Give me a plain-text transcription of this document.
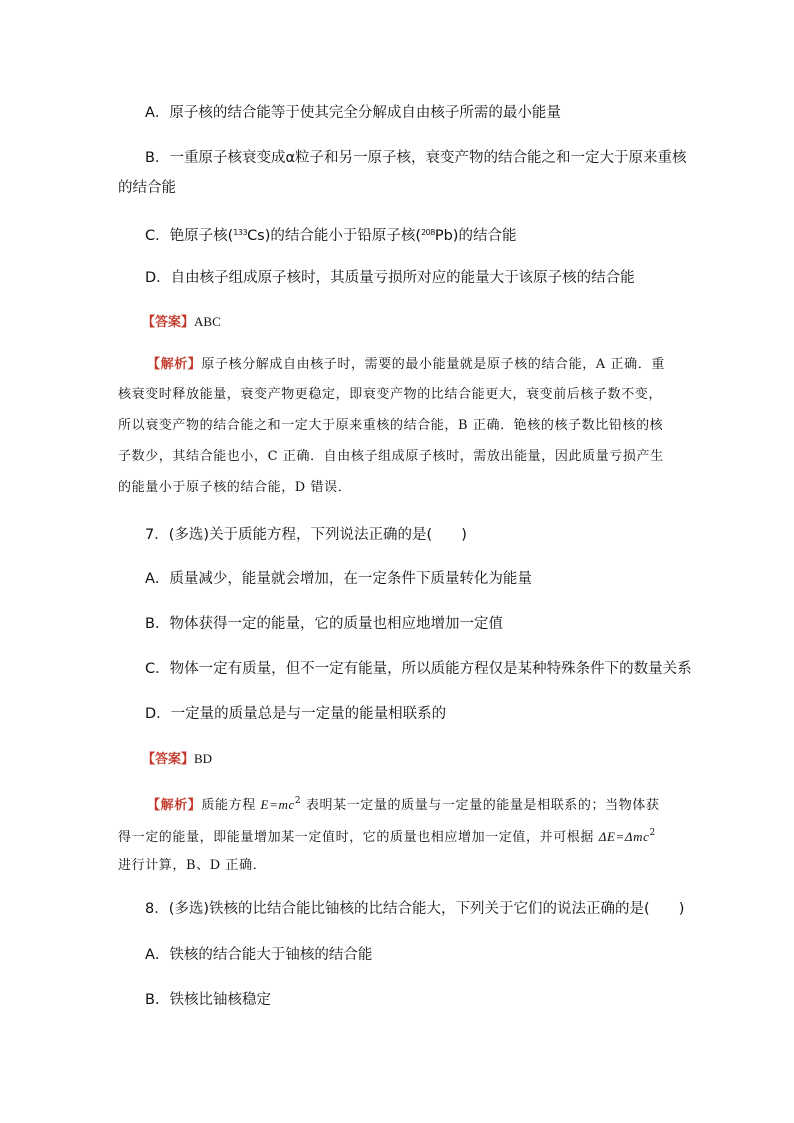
A．原子核的结合能等于使其完全分解成自由核子所需的最小能量
B．一重原子核衰变成α粒子和另一原子核，衰变产物的结合能之和一定大于原来重核
的结合能
C．铯原子核($^{133}$Cs)的结合能小于铅原子核($^{208}$Pb)的结合能
D．自由核子组成原子核时，其质量亏损所对应的能量大于该原子核的结合能
【答案】ABC
【解析】原子核分解成自由核子时，需要的最小能量就是原子核的结合能，A 正确．重
核衰变时释放能量，衰变产物更稳定，即衰变产物的比结合能更大，衰变前后核子数不变，
所以衰变产物的结合能之和一定大于原来重核的结合能，B 正确．铯核的核子数比铅核的核
子数少，其结合能也小，C 正确．自由核子组成原子核时，需放出能量，因此质量亏损产生
的能量小于原子核的结合能，D 错误．
7．(多选)关于质能方程，下列说法正确的是(　　)
A．质量减少，能量就会增加，在一定条件下质量转化为能量
B．物体获得一定的能量，它的质量也相应地增加一定值
C．物体一定有质量，但不一定有能量，所以质能方程仅是某种特殊条件下的数量关系
D．一定量的质量总是与一定量的能量相联系的
【答案】BD
【解析】质能方程 $E=mc^2$ 表明某一定量的质量与一定量的能量是相联系的；当物体获
得一定的能量，即能量增加某一定值时，它的质量也相应增加一定值，并可根据 ΔE=Δmc$^2$
进行计算，B、D 正确．
8．(多选)铁核的比结合能比铀核的比结合能大，下列关于它们的说法正确的是(　　)
A．铁核的结合能大于铀核的结合能
B．铁核比铀核稳定
